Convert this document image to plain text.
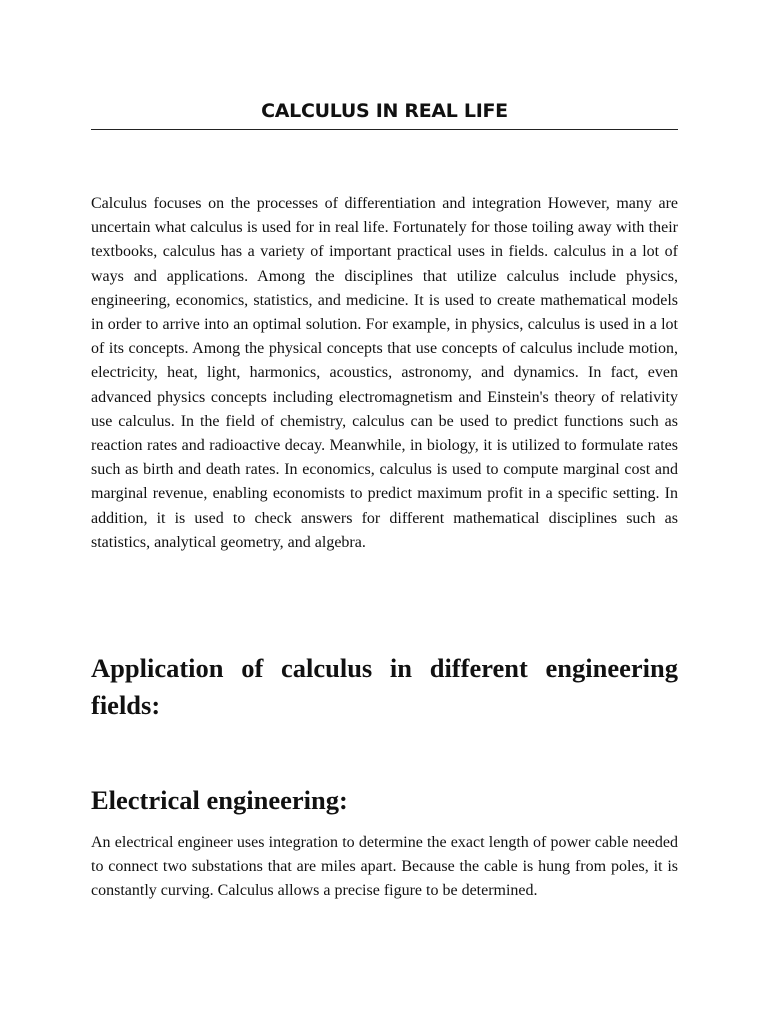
CALCULUS IN REAL LIFE

Calculus focuses on the processes of differentiation and integration However, many are uncertain what calculus is used for in real life. Fortunately for those toiling away with their textbooks, calculus has a variety of important practical uses in fields. calculus in a lot of ways and applications. Among the disciplines that utilize calculus include physics, engineering, economics, statistics, and medicine. It is used to create mathematical models in order to arrive into an optimal solution. For example, in physics, calculus is used in a lot of its concepts. Among the physical concepts that use concepts of calculus include motion, electricity, heat, light, harmonics, acoustics, astronomy, and dynamics. In fact, even advanced physics concepts including electromagnetism and Einstein's theory of relativity use calculus. In the field of chemistry, calculus can be used to predict functions such as reaction rates and radioactive decay. Meanwhile, in biology, it is utilized to formulate rates such as birth and death rates. In economics, calculus is used to compute marginal cost and marginal revenue, enabling economists to predict maximum profit in a specific setting. In addition, it is used to check answers for different mathematical disciplines such as statistics, analytical geometry, and algebra.

Application of calculus in different engineering fields:
Electrical engineering:

An electrical engineer uses integration to determine the exact length of power cable needed to connect two substations that are miles apart. Because the cable is hung from poles, it is constantly curving. Calculus allows a precise figure to be determined.
